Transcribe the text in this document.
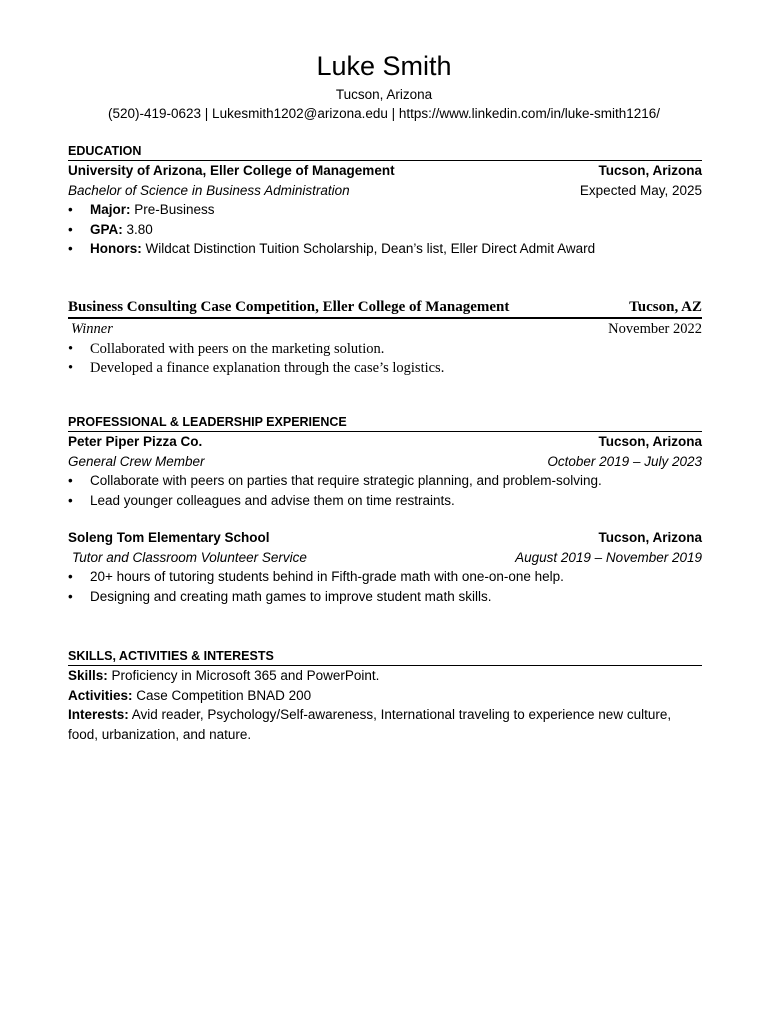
Luke Smith
Tucson, Arizona
(520)-419-0623 | Lukesmith1202@arizona.edu | https://www.linkedin.com/in/luke-smith1216/
EDUCATION
University of Arizona, Eller College of Management	Tucson, Arizona
Bachelor of Science in Business Administration	Expected May, 2025
• Major: Pre-Business
• GPA: 3.80
• Honors: Wildcat Distinction Tuition Scholarship, Dean’s list, Eller Direct Admit Award
Business Consulting Case Competition, Eller College of Management	Tucson, AZ
Winner	November 2022
• Collaborated with peers on the marketing solution.
• Developed a finance explanation through the case’s logistics.
PROFESSIONAL & LEADERSHIP EXPERIENCE
Peter Piper Pizza Co.	Tucson, Arizona
General Crew Member	October 2019 – July 2023
• Collaborate with peers on parties that require strategic planning, and problem-solving.
• Lead younger colleagues and advise them on time restraints.
Soleng Tom Elementary School	Tucson, Arizona
Tutor and Classroom Volunteer Service	August 2019 – November 2019
• 20+ hours of tutoring students behind in Fifth-grade math with one-on-one help.
• Designing and creating math games to improve student math skills.
SKILLS, ACTIVITIES & INTERESTS
Skills: Proficiency in Microsoft 365 and PowerPoint.
Activities: Case Competition BNAD 200
Interests: Avid reader, Psychology/Self-awareness, International traveling to experience new culture, food, urbanization, and nature.
